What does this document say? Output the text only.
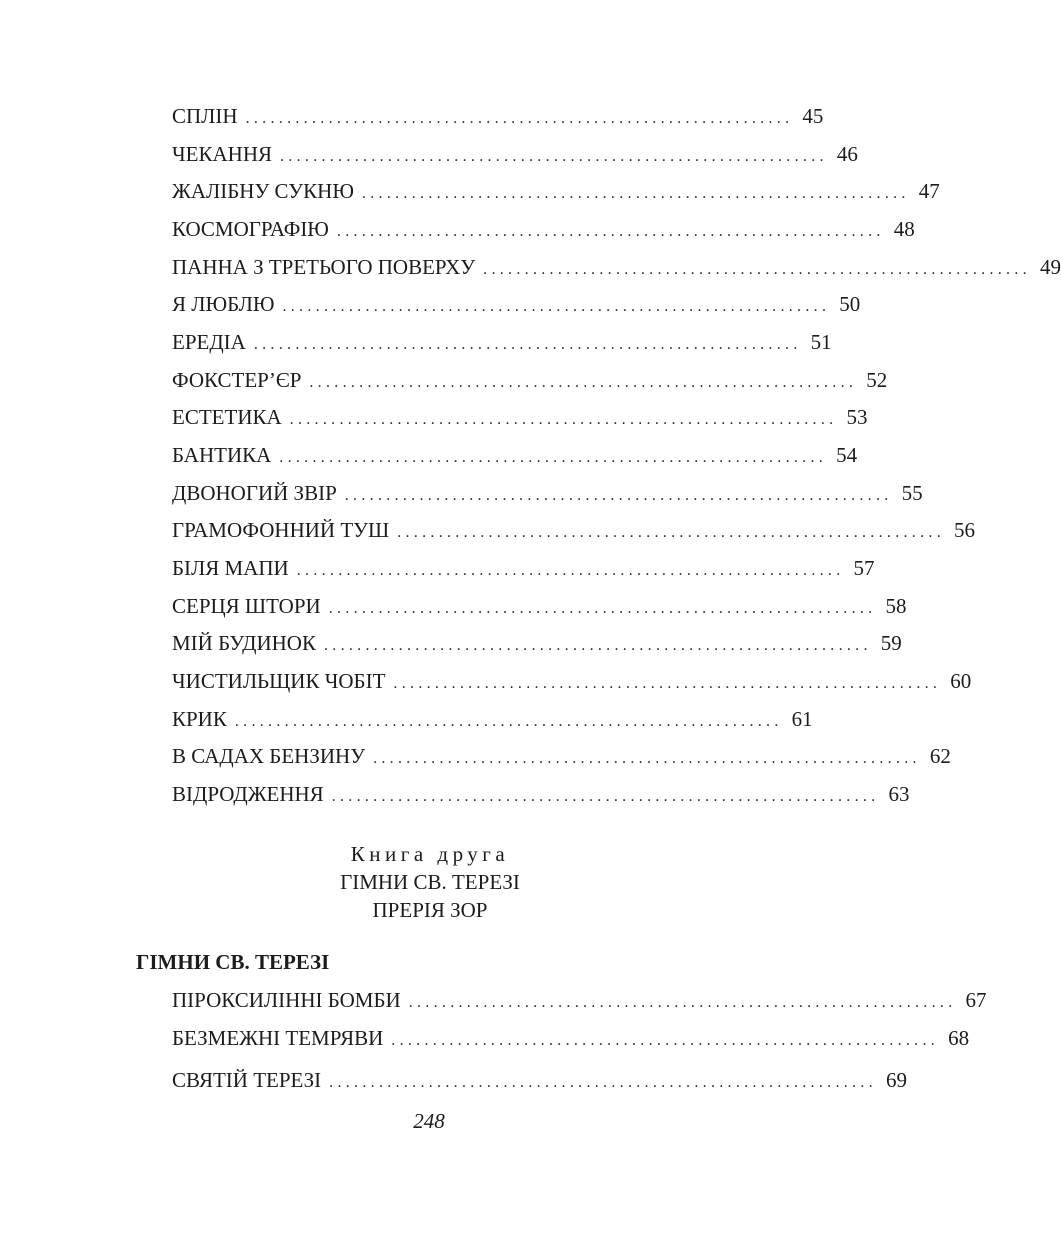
СПЛІН .................................................................. 45
ЧЕКАННЯ .................................................................. 46
ЖАЛІБНУ СУКНЮ .................................................................. 47
КОСМОГРАФІЮ .................................................................. 48
ПАННА З ТРЕТЬОГО ПОВЕРХУ .................................................................. 49
Я ЛЮБЛЮ .................................................................. 50
ЕРЕДІА .................................................................. 51
ФОКСТЕР’ЄР .................................................................. 52
ЕСТЕТИКА .................................................................. 53
БАНТИКА .................................................................. 54
ДВОНОГИЙ ЗВІР .................................................................. 55
ГРАМОФОННИЙ ТУШ .................................................................. 56
БІЛЯ МАПИ .................................................................. 57
СЕРЦЯ ШТОРИ .................................................................. 58
МІЙ БУДИНОК .................................................................. 59
ЧИСТИЛЬЩИК ЧОБІТ .................................................................. 60
КРИК .................................................................. 61
В САДАХ БЕНЗИНУ .................................................................. 62
ВІДРОДЖЕННЯ .................................................................. 63
Книга друга
ГІМНИ СВ. ТЕРЕЗІ
ПРЕРІЯ ЗОР
ГІМНИ СВ. ТЕРЕЗІ
ПІРОКСИЛІННІ БОМБИ .................................................................. 67
БЕЗМЕЖНІ ТЕМРЯВИ .................................................................. 68
СВЯТІЙ ТЕРЕЗІ .................................................................. 69
248
